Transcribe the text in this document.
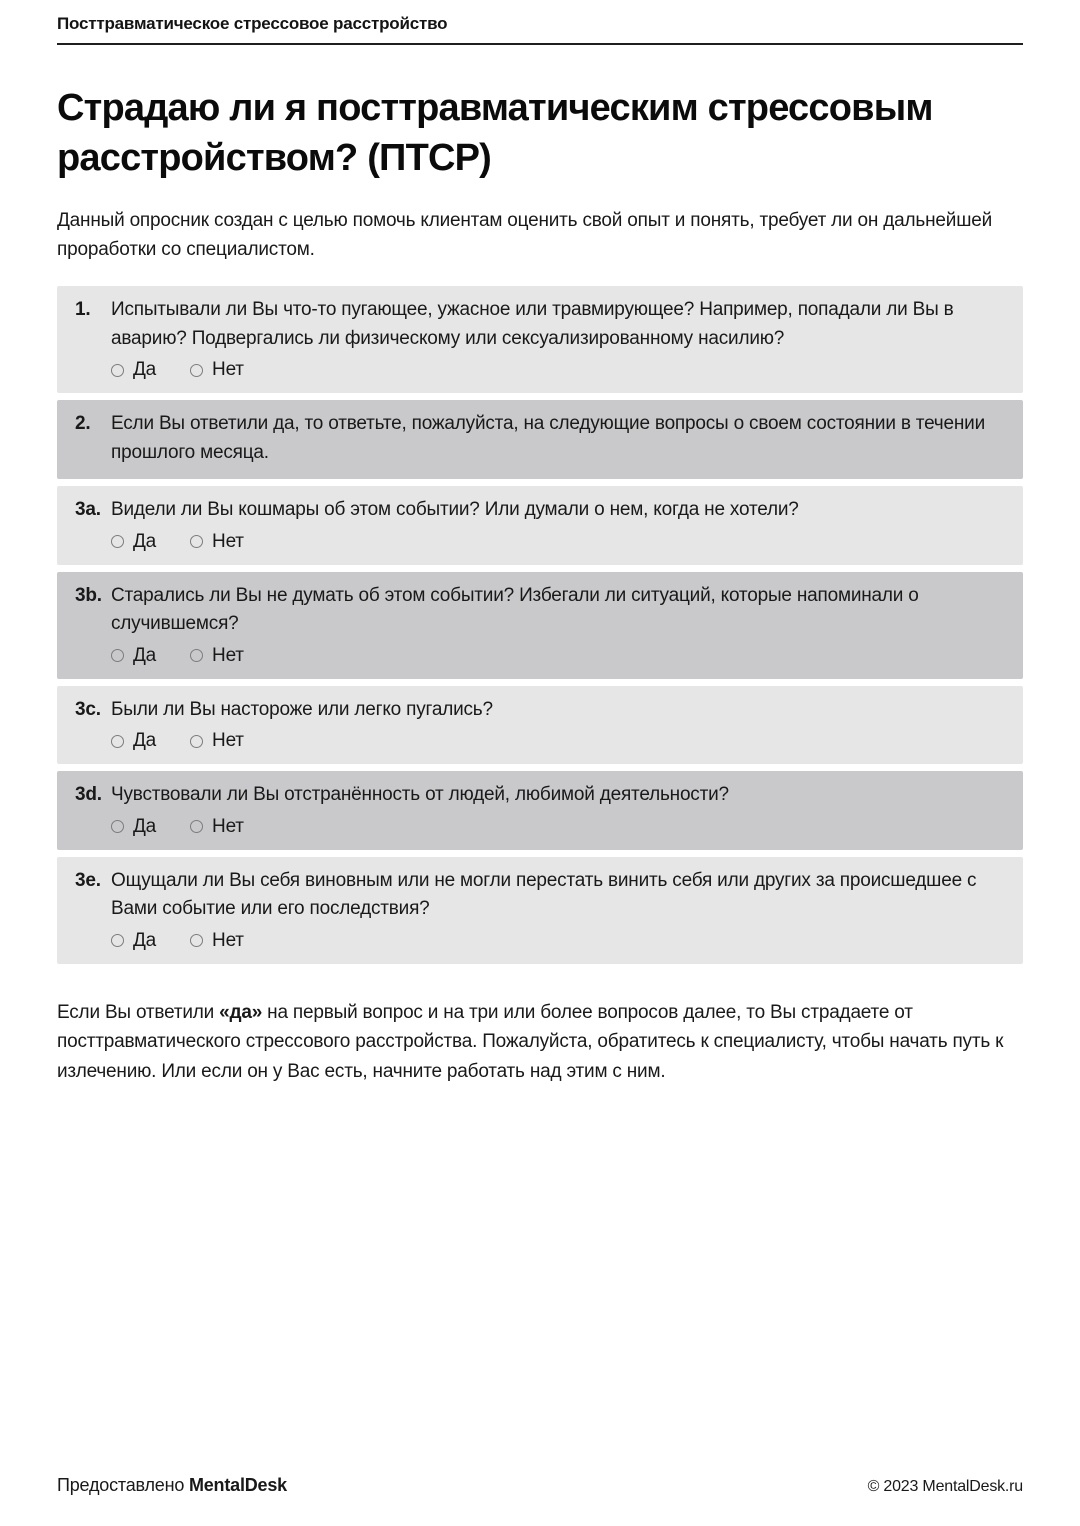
Посттравматическое стрессовое расстройство
Страдаю ли я посттравматическим стрессовым расстройством? (ПТСР)

Данный опросник создан с целью помочь клиентам оценить свой опыт и понять, требует ли он дальнейшей проработки со специалистом.

1.	Испытывали ли Вы что-то пугающее, ужасное или травмирующее? Например, попадали ли Вы в аварию? Подвергались ли физическому или сексуализированному насилию?
Да	Нет
2.	Если Вы ответили да, то ответьте, пожалуйста, на следующие вопросы о своем состоянии в течении прошлого месяца.
3a. Видели ли Вы кошмары об этом событии? Или думали о нем, когда не хотели?
Да	Нет
3b. Старались ли Вы не думать об этом событии? Избегали ли ситуаций, которые напоминали о случившемся?
Да	Нет
3c. Были ли Вы настороже или легко пугались?
Да	Нет
3d. Чувствовали ли Вы отстранённость от людей, любимой деятельности?
Да	Нет
3e. Ощущали ли Вы себя виновным или не могли перестать винить себя или других за происшедшее с Вами событие или его последствия?
Да	Нет

Если Вы ответили «да» на первый вопрос и на три или более вопросов далее, то Вы страдаете от посттравматического стрессового расстройства. Пожалуйста, обратитесь к специалисту, чтобы начать путь к излечению. Или если он у Вас есть, начните работать над этим с ним.

Предоставлено MentalDesk	© 2023 MentalDesk.ru
